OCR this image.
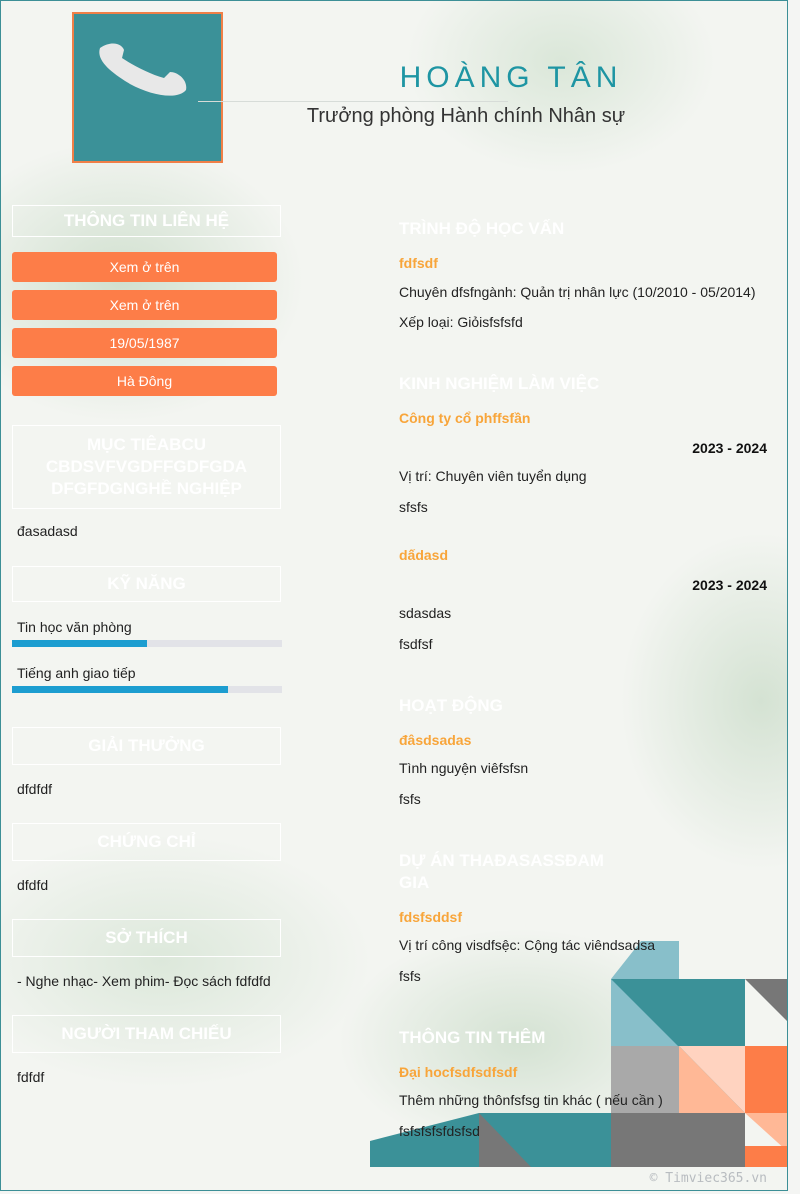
HOÀNG TÂN
Trưởng phòng Hành chính Nhân sự
THÔNG TIN LIÊN HỆ
Xem ở trên
Xem ở trên
19/05/1987
Hà Đông
MỤC TIÊABCU CBDSVFVGDFFGDFGDA DFGFDGNGHỀ NGHIỆP
đasadasd
KỸ NĂNG
Tin học văn phòng
Tiếng anh giao tiếp
GIẢI THƯỞNG
dfdfdf
CHỨNG CHỈ
dfdfd
SỞ THÍCH
- Nghe nhạc- Xem phim- Đọc sách fdfdfd
NGƯỜI THAM CHIẾU
fdfdf
TRÌNH ĐỘ HỌC VẤN
fdfsdf
Chuyên dfsfngành: Quản trị nhân lực (10/2010 - 05/2014)
Xếp loại: Giỏisfsfsfd
KINH NGHIỆM LÀM VIỆC
Công ty cổ phffsfần
2023 - 2024
Vị trí: Chuyên viên tuyển dụng
sfsfs
dấdasd
2023 - 2024
sdasdas
fsdfsf
HOẠT ĐỘNG
đâsdsadas
Tình nguyện viêfsfsn
fsfs
DỰ ÁN THAĐASASSĐAM GIA
fdsfsddsf
Vị trí công visdfsệc: Cộng tác viêndsadsa
fsfs
THÔNG TIN THÊM
Đại hocfsdfsdfsdf
Thêm những thônfsfsg tin khác ( nếu cần )
fsfsfsfsfdsfsd
© Timviec365.vn
